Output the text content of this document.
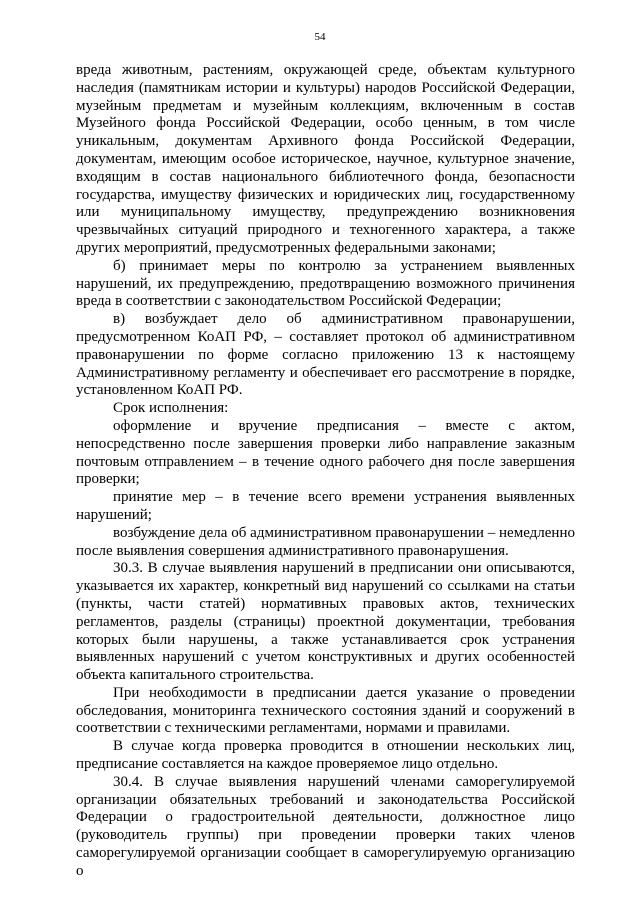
54

вреда животным, растениям, окружающей среде, объектам культурного наследия (памятникам истории и культуры) народов Российской Федерации, музейным предметам и музейным коллекциям, включенным в состав Музейного фонда Российской Федерации, особо ценным, в том числе уникальным, документам Архивного фонда Российской Федерации, документам, имеющим особое историческое, научное, культурное значение, входящим в состав национального библиотечного фонда, безопасности государства, имуществу физических и юридических лиц, государственному или муниципальному имуществу, предупреждению возникновения чрезвычайных ситуаций природного и техногенного характера, а также других мероприятий, предусмотренных федеральными законами;

б) принимает меры по контролю за устранением выявленных нарушений, их предупреждению, предотвращению возможного причинения вреда в соответствии с законодательством Российской Федерации;

в) возбуждает дело об административном правонарушении, предусмотренном КоАП РФ, – составляет протокол об административном правонарушении по форме согласно приложению 13 к настоящему Административному регламенту и обеспечивает его рассмотрение в порядке, установленном КоАП РФ.

Срок исполнения:

оформление и вручение предписания – вместе с актом, непосредственно после завершения проверки либо направление заказным почтовым отправлением – в течение одного рабочего дня после завершения проверки;

принятие мер – в течение всего времени устранения выявленных нарушений;

возбуждение дела об административном правонарушении – немедленно после выявления совершения административного правонарушения.

30.3. В случае выявления нарушений в предписании они описываются, указывается их характер, конкретный вид нарушений со ссылками на статьи (пункты, части статей) нормативных правовых актов, технических регламентов, разделы (страницы) проектной документации, требования которых были нарушены, а также устанавливается срок устранения выявленных нарушений с учетом конструктивных и других особенностей объекта капитального строительства.

При необходимости в предписании дается указание о проведении обследования, мониторинга технического состояния зданий и сооружений в соответствии с техническими регламентами, нормами и правилами.

В случае когда проверка проводится в отношении нескольких лиц, предписание составляется на каждое проверяемое лицо отдельно.

30.4. В случае выявления нарушений членами саморегулируемой организации обязательных требований и законодательства Российской Федерации о градостроительной деятельности, должностное лицо (руководитель группы) при проведении проверки таких членов саморегулируемой организации сообщает в саморегулируемую организацию о
